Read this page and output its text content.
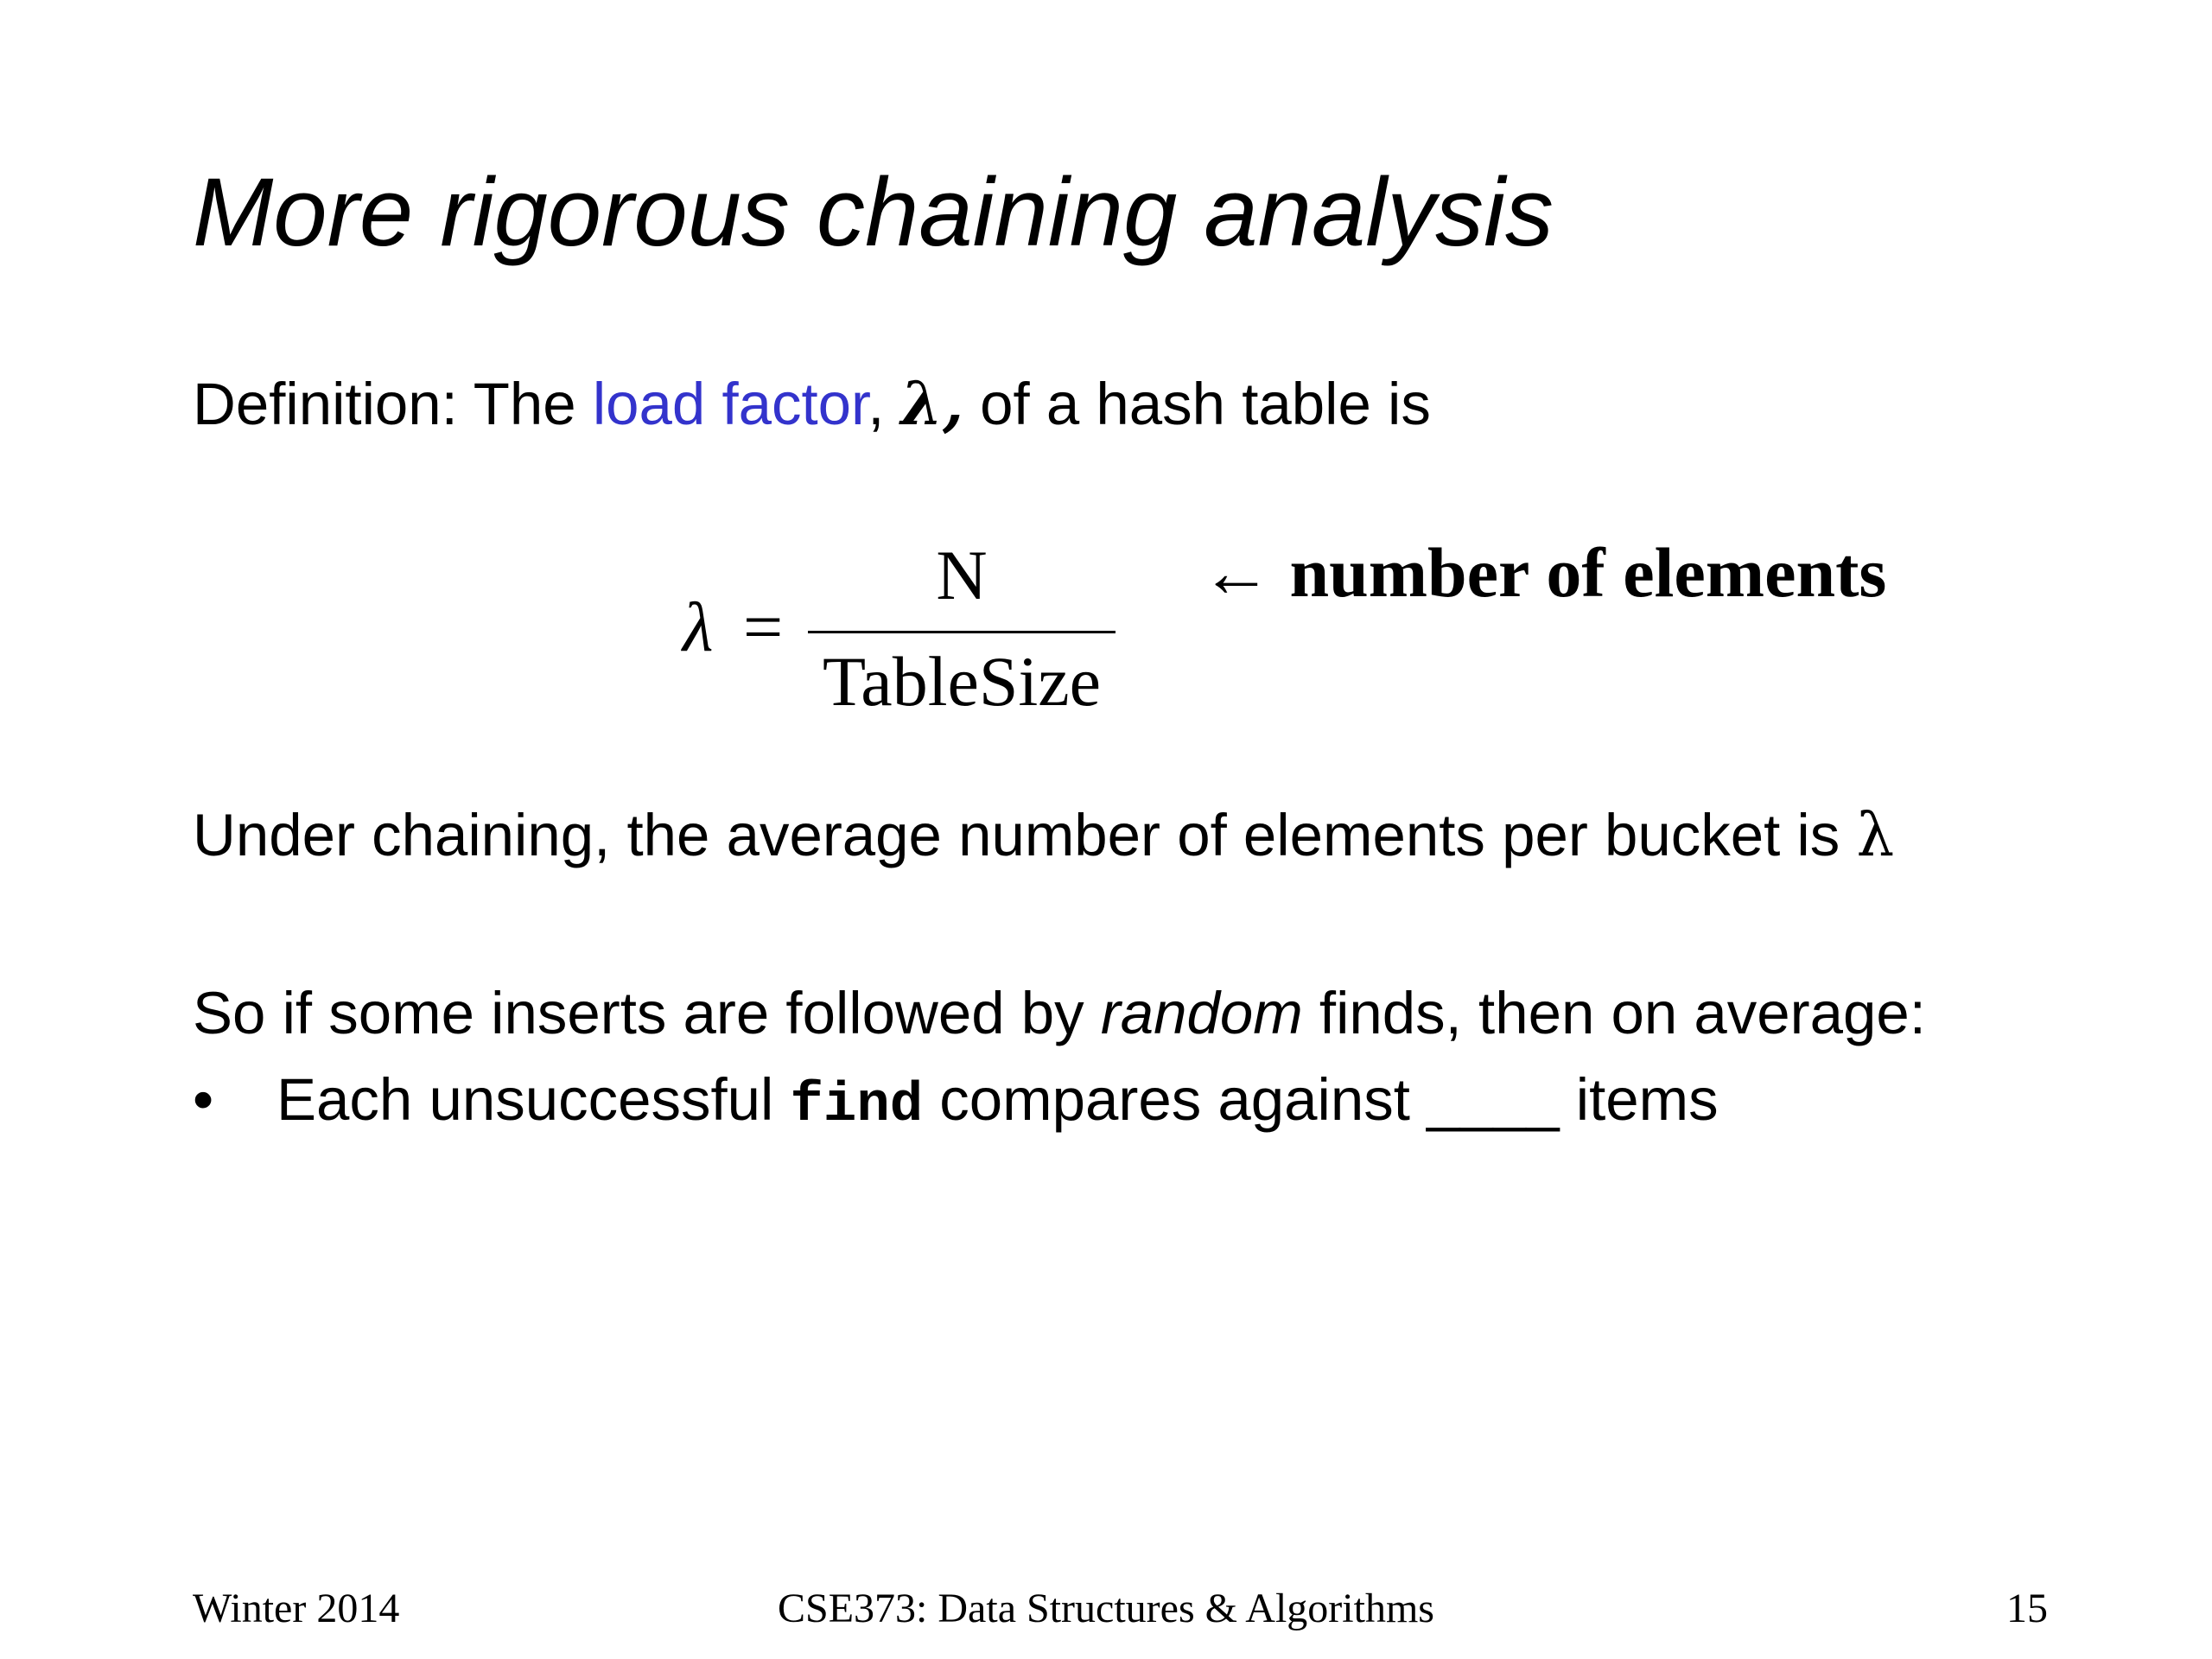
More rigorous chaining analysis
Definition: The load factor, λ, of a hash table is
λ =
N
TableSize
← number of elements
Under chaining, the average number of elements per bucket is λ
So if some inserts are followed by random finds, then on average:
• Each unsuccessful find compares against ____ items
Winter 2014	CSE373: Data Structures & Algorithms	15
